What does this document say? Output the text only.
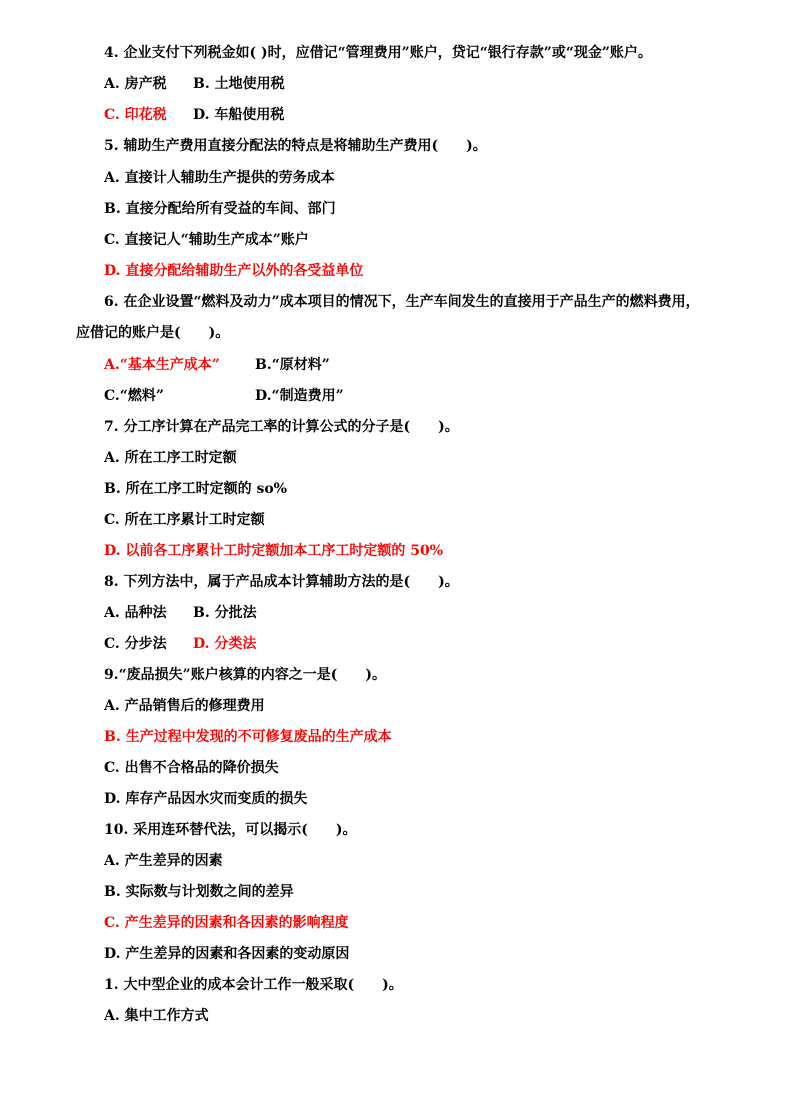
4. 企业支付下列税金如( )时，应借记“管理费用”账户，贷记“银行存款”或“现金”账户。
A. 房产税 B. 土地使用税
C. 印花税 D. 车船使用税
5. 辅助生产费用直接分配法的特点是将辅助生产费用(　　)。
A. 直接计人辅助生产提供的劳务成本
B. 直接分配给所有受益的车间、部门
C. 直接记人“辅助生产成本”账户
D. 直接分配给辅助生产以外的各受益单位
6. 在企业设置“燃料及动力”成本项目的情况下，生产车间发生的直接用于产品生产的燃料费用，
应借记的账户是(　　)。
A.“基本生产成本”	B.“原材料”
C.“燃料”	D.“制造费用”
7. 分工序计算在产品完工率的计算公式的分子是(　　)。
A. 所在工序工时定额
B. 所在工序工时定额的 so%
C. 所在工序累计工时定额
D. 以前各工序累计工时定额加本工序工时定额的 50%
8. 下列方法中，属于产品成本计算辅助方法的是(　　)。
A. 品种法 B. 分批法
C. 分步法 D. 分类法
9.“废品损失”账户核算的内容之一是(　　)。
A. 产品销售后的修理费用
B. 生产过程中发现的不可修复废品的生产成本
C. 出售不合格品的降价损失
D. 库存产品因水灾而变质的损失
10. 采用连环替代法，可以揭示(　　)。
A. 产生差异的因素
B. 实际数与计划数之间的差异
C. 产生差异的因素和各因素的影响程度
D. 产生差异的因素和各因素的变动原因
1. 大中型企业的成本会计工作一般采取(　　)。
A. 集中工作方式
